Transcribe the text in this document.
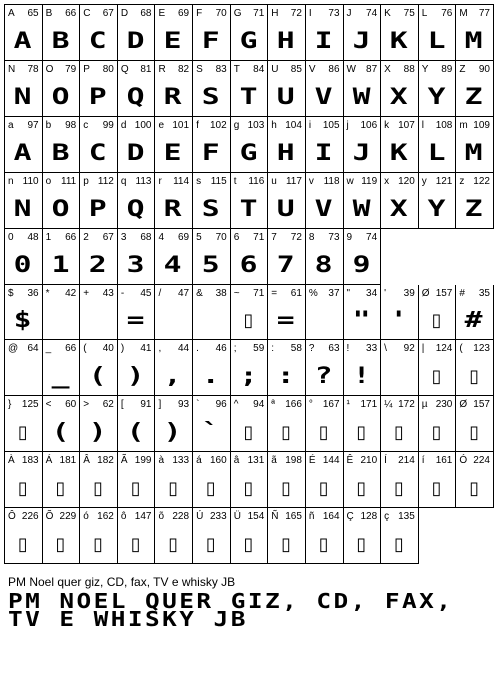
A 65
A
B 66
B
C 67
C
D 68
D
E 69
E
F 70
F
G 71
G
H 72
H
I 73
I
J 74
J
K 75
K
L 76
L
M 77
M
N 78
N
O 79
O
P 80
P
Q 81
Q
R 82
R
S 83
S
T 84
T
U 85
U
V 86
V
W 87
W
X 88
X
Y 89
Y
Z 90
Z
a 97
A
b 98
B
c 99
C
d 100
D
e 101
E
f 102
F
g 103
G
h 104
H
i 105
I
j 106
J
k 107
K
l 108
L
m 109
M
n 110
N
o 111
O
p 112
P
q 113
Q
r 114
R
s 115
S
t 116
T
u 117
U
v 118
V
w 119
W
x 120
X
y 121
Y
z 122
Z
0 48
0
1 66
1
2 67
2
3 68
3
4 69
4
5 70
5
6 71
6
7 72
7
8 73
8
9 74
9
$ 36
$
* 42 + 43 - 45
=
/ 47 & 38 ~ 71
▯
= 61
=
% 37 " 34
"
' 39
'
Ø 157
▯
# 35
#
@ 64 _ 66
_
( 40
(
) 41
)
, 44
,
. 46
.
; 59
;
: 58
:
? 63
?
! 33
!
\ 92 | 124
▯
( 123
▯
} 125
▯
< 60
(
> 62
)
[ 91
(
] 93
)
` 96
`
^ 94
▯
ª 166
▯
° 167
▯
¹ 171
▯
¼ 172
▯
µ 230
▯
Ø 157
▯
À 183
▯
Á 181
▯
Â 182
▯
Ã 199
▯
à 133
▯
á 160
▯
â 131
▯
ã 198
▯
É 144
▯
Ê 210
▯
Í 214
▯
í 161
▯
Ó 224
▯
Ô 226
▯
Õ 229
▯
ó 162
▯
ô 147
▯
õ 228
▯
Ú 233
▯
Ü 154
▯
Ñ 165
▯
ñ 164
▯
Ç 128
▯
ç 135
▯
PM Noel quer giz, CD, fax, TV e whisky JB
PM NOEL QUER GIZ, CD, FAX,
TV E WHISKY JB
